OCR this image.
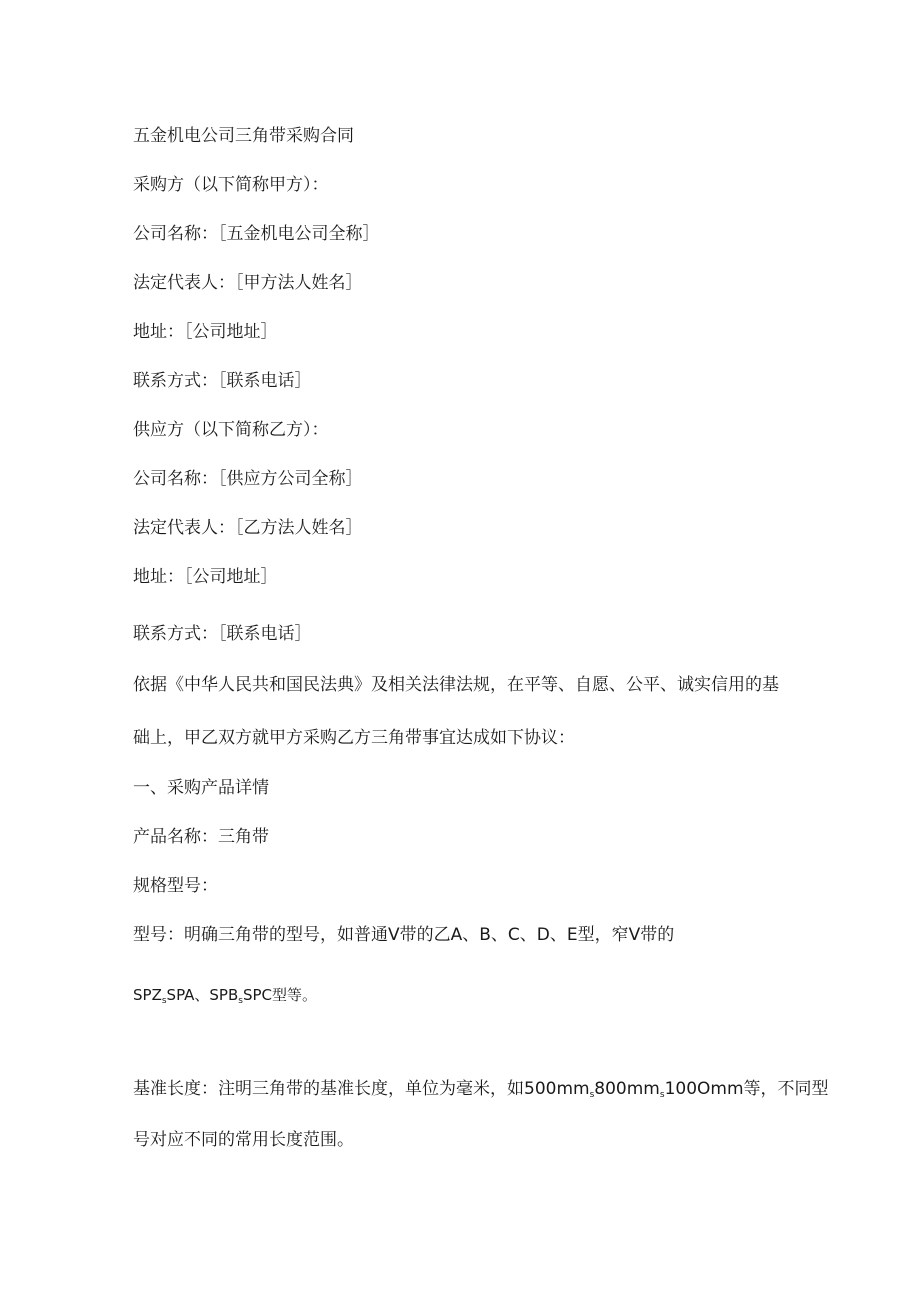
五金机电公司三角带采购合同
采购方（以下简称甲方）：
公司名称：［五金机电公司全称］
法定代表人：［甲方法人姓名］
地址：［公司地址］
联系方式：［联系电话］
供应方（以下简称乙方）：
公司名称：［供应方公司全称］
法定代表人：［乙方法人姓名］
地址：［公司地址］
联系方式：［联系电话］
依据《中华人民共和国民法典》及相关法律法规，在平等、自愿、公平、诚实信用的基
础上，甲乙双方就甲方采购乙方三角带事宜达成如下协议：
一、采购产品详情
产品名称：三角带
规格型号：
型号：明确三角带的型号，如普通V带的乙A、B、C、D、E型，窄V带的
$SPZ_sSPA$、$SPB_sSPC$型等。
基准长度：注明三角带的基准长度，单位为毫米，如$500mm_s800mm_s100Omm$等，不同型
号对应不同的常用长度范围。
